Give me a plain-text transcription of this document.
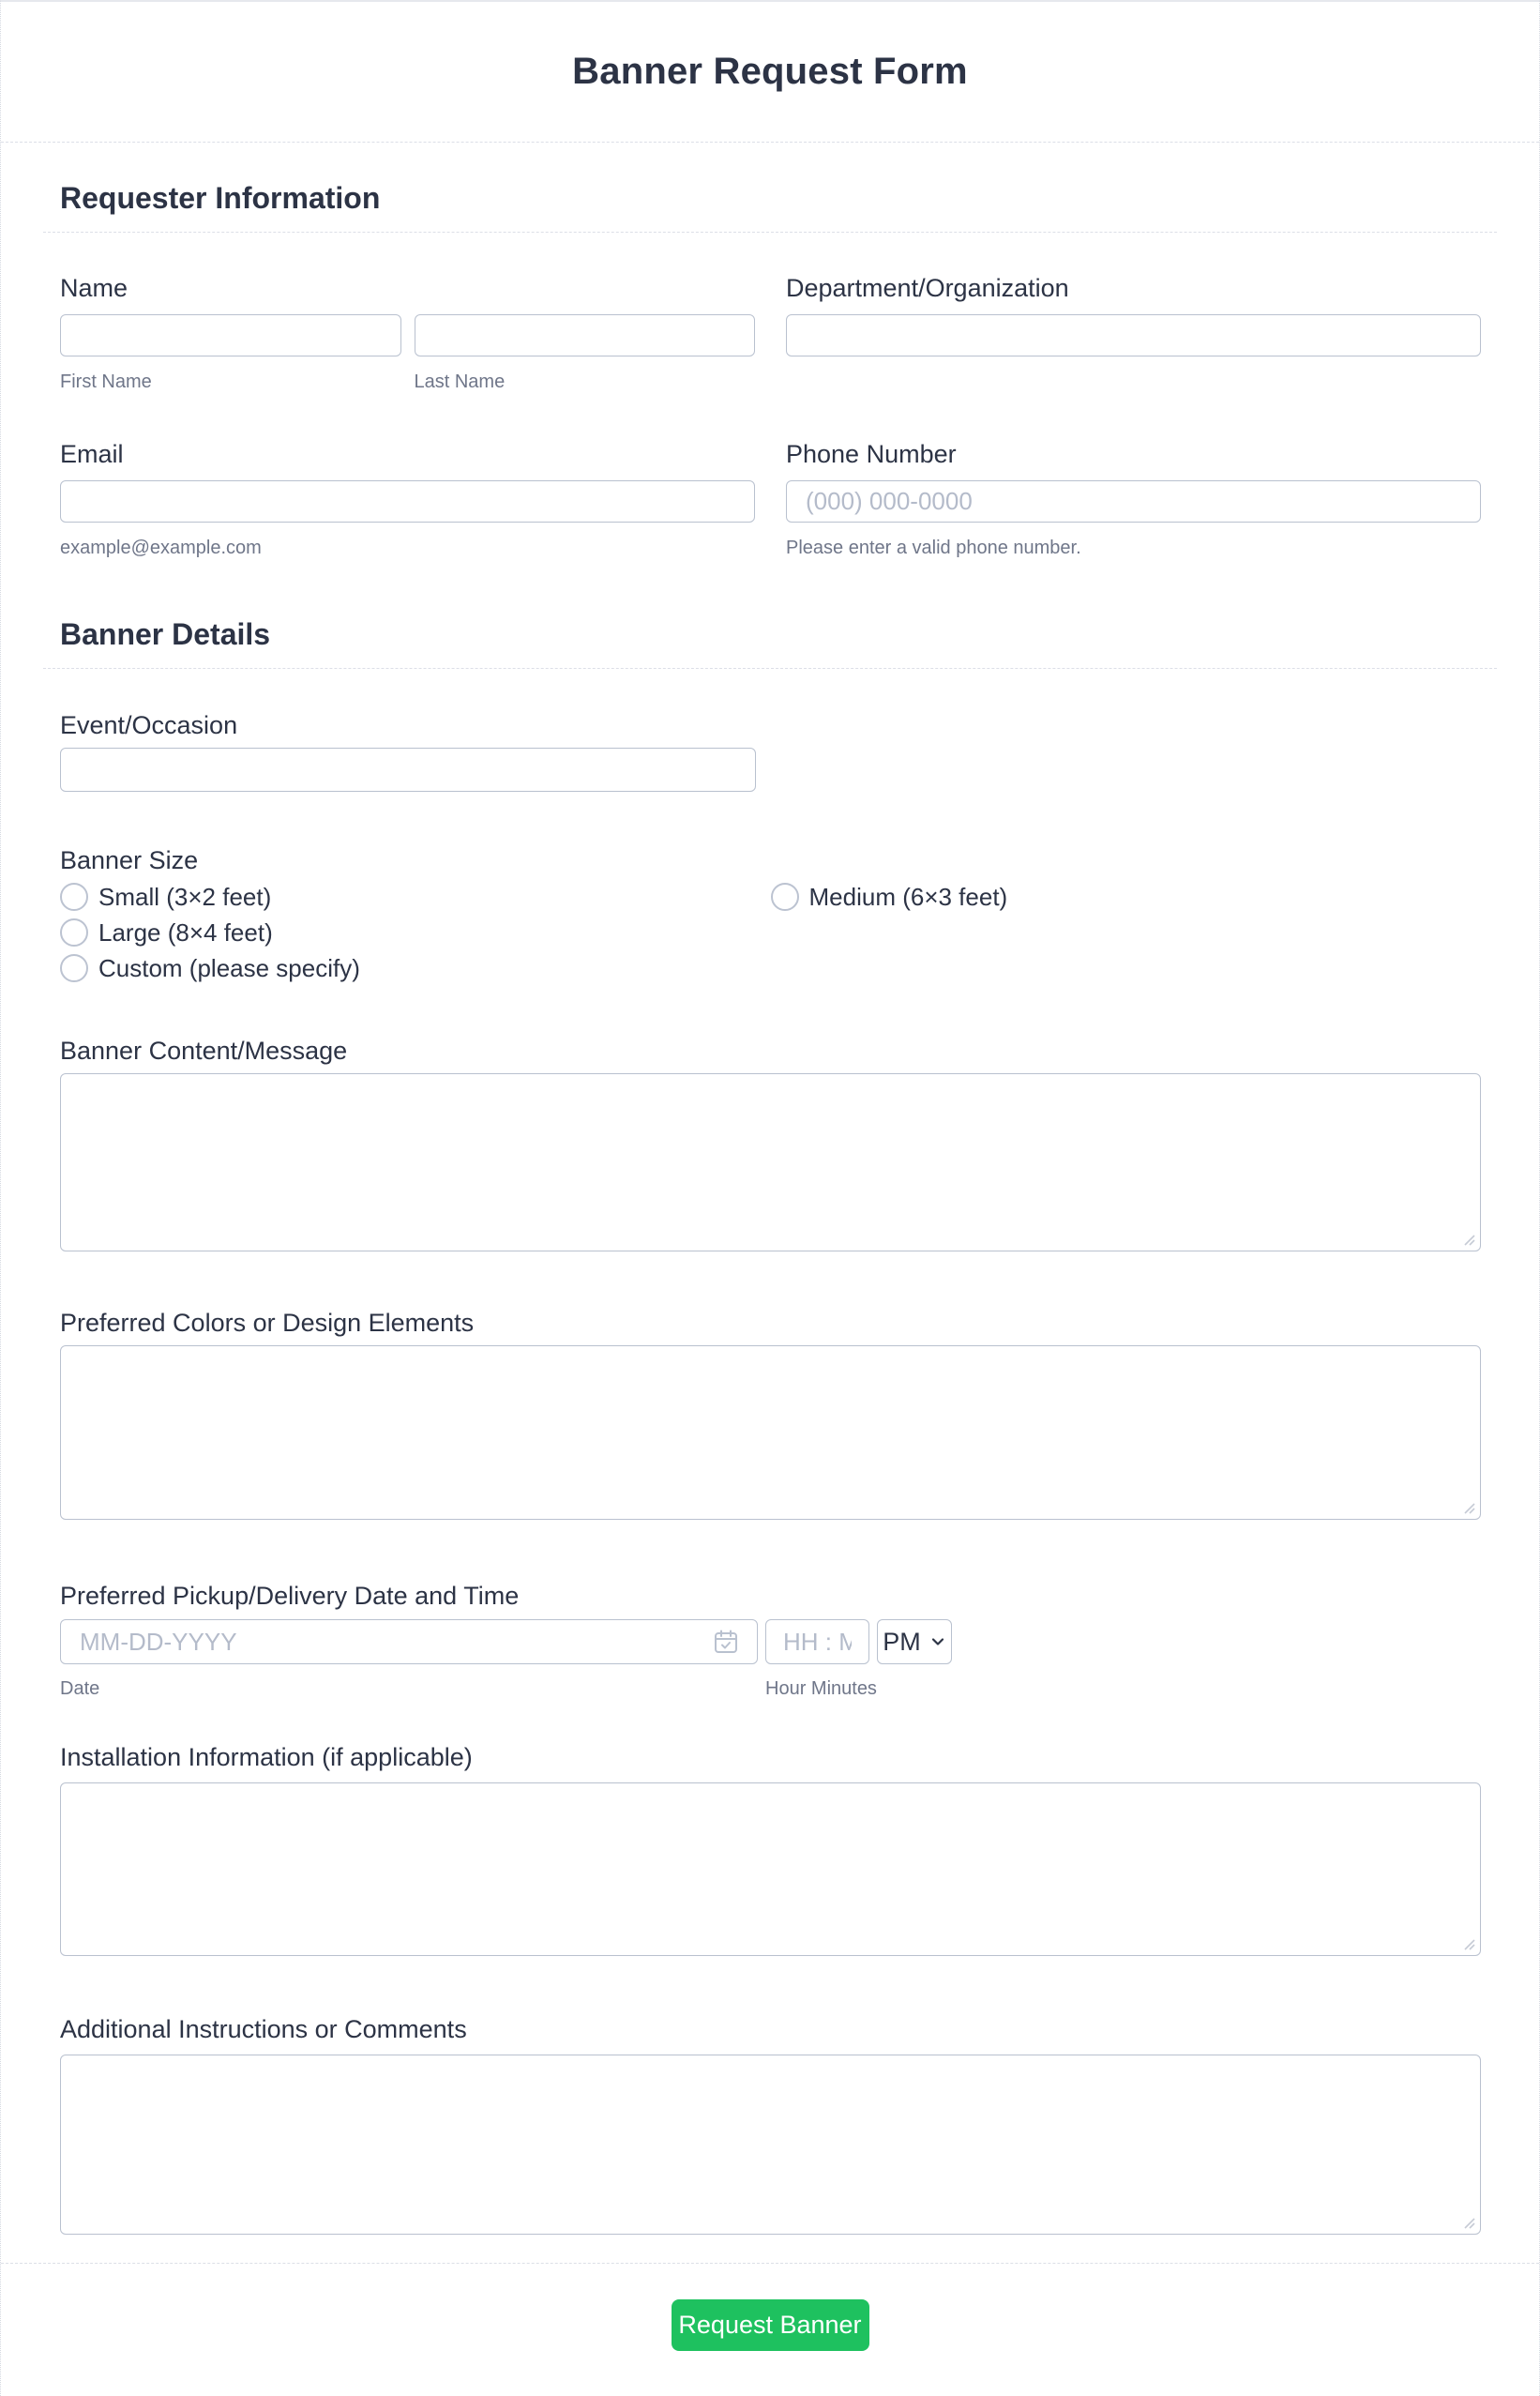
Banner Request Form
Requester Information
Name
First Name	Last Name
Department/Organization
Email
example@example.com
Phone Number
(000) 000-0000
Please enter a valid phone number.
Banner Details
Event/Occasion
Banner Size
Small (3×2 feet)	Medium (6×3 feet)
Large (8×4 feet)
Custom (please specify)
Banner Content/Message
Preferred Colors or Design Elements
Preferred Pickup/Delivery Date and Time
MM-DD-YYYY
HH : MM
PM
Date	Hour Minutes
Installation Information (if applicable)
Additional Instructions or Comments
Request Banner
